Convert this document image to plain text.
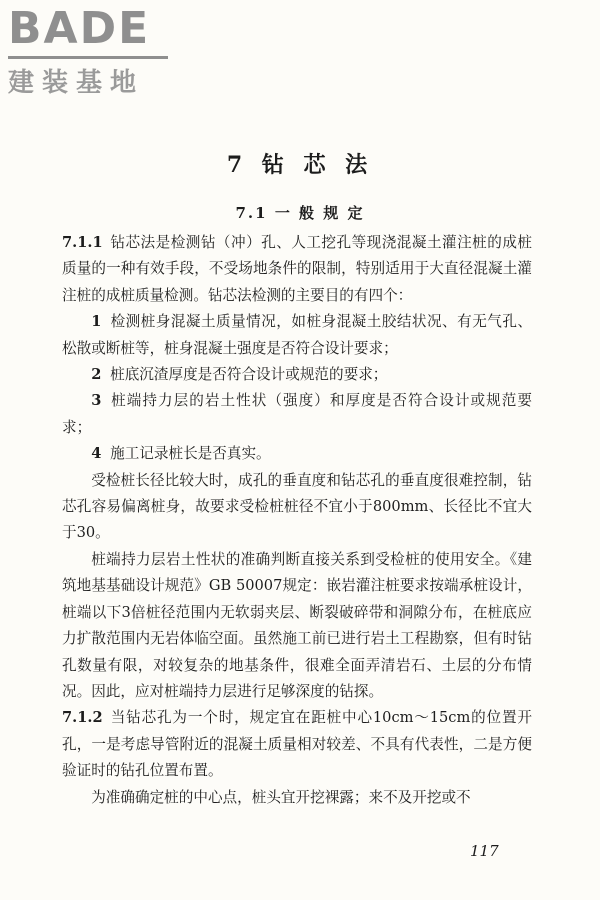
BADE
建装基地
7 钻 芯 法
7.1 一 般 规 定

7.1.1 钻芯法是检测钻（冲）孔、人工挖孔等现浇混凝土灌注桩的成桩质量的一种有效手段，不受场地条件的限制，特别适用于大直径混凝土灌注桩的成桩质量检测。钻芯法检测的主要目的有四个：

1 检测桩身混凝土质量情况，如桩身混凝土胶结状况、有无气孔、松散或断桩等，桩身混凝土强度是否符合设计要求；

2 桩底沉渣厚度是否符合设计或规范的要求；

3 桩端持力层的岩土性状（强度）和厚度是否符合设计或规范要求；

4 施工记录桩长是否真实。

受检桩长径比较大时，成孔的垂直度和钻芯孔的垂直度很难控制，钻芯孔容易偏离桩身，故要求受检桩桩径不宜小于800mm、长径比不宜大于30。

桩端持力层岩土性状的准确判断直接关系到受检桩的使用安全。《建筑地基基础设计规范》GB 50007规定：嵌岩灌注桩要求按端承桩设计，桩端以下3倍桩径范围内无软弱夹层、断裂破碎带和洞隙分布，在桩底应力扩散范围内无岩体临空面。虽然施工前已进行岩土工程勘察，但有时钻孔数量有限，对较复杂的地基条件，很难全面弄清岩石、土层的分布情况。因此，应对桩端持力层进行足够深度的钻探。

7.1.2 当钻芯孔为一个时，规定宜在距桩中心10cm～15cm的位置开孔，一是考虑导管附近的混凝土质量相对较差、不具有代表性，二是方便验证时的钻孔位置布置。

为准确确定桩的中心点，桩头宜开挖裸露；来不及开挖或不

117
